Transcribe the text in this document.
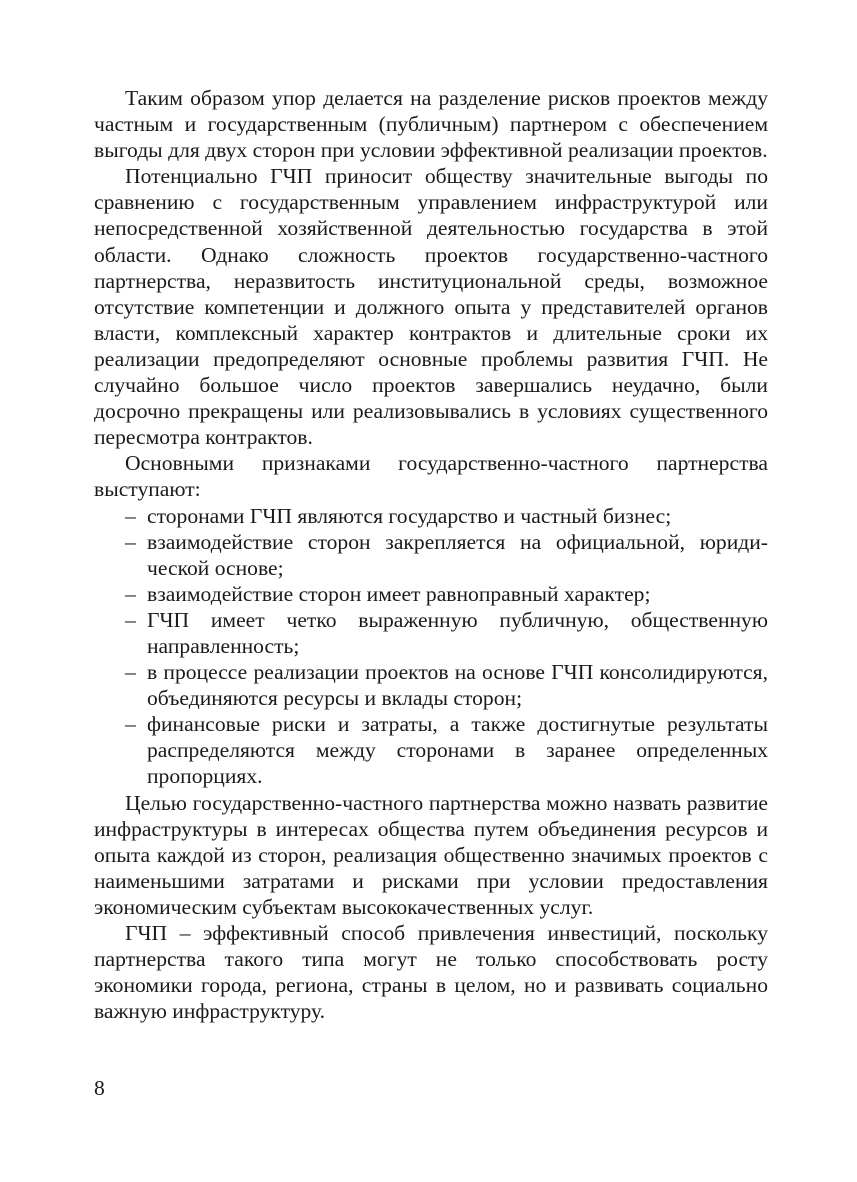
Таким образом упор делается на разделение рисков проектов между частным и государственным (публичным) партнером с обеспечением выгоды для двух сторон при условии эффективной реализации проектов.

Потенциально ГЧП приносит обществу значительные выгоды по сравнению с государственным управлением инфраструктурой или непосредственной хозяйственной деятельностью государства в этой области. Однако сложность проектов государственно-частного партнерства, неразвитость институциональной среды, возможное отсутствие компетенции и должного опыта у представителей органов власти, комплексный характер контрактов и длительные сроки их реализации предопределяют основные проблемы развития ГЧП. Не случайно большое число проектов завершались неудачно, были досрочно прекращены или реализовывались в условиях существенного пересмотра контрактов.

Основными признаками государственно-частного партнерства выступают:

– сторонами ГЧП являются государство и частный бизнес;
– взаимодействие сторон закрепляется на официальной, юридической основе;
– взаимодействие сторон имеет равноправный характер;
– ГЧП имеет четко выраженную публичную, общественную направленность;
– в процессе реализации проектов на основе ГЧП консолидируются, объединяются ресурсы и вклады сторон;
– финансовые риски и затраты, а также достигнутые результаты распределяются между сторонами в заранее определенных пропорциях.

Целью государственно-частного партнерства можно назвать развитие инфраструктуры в интересах общества путем объединения ресурсов и опыта каждой из сторон, реализация общественно значимых проектов с наименьшими затратами и рисками при условии предоставления экономическим субъектам высококачественных услуг.

ГЧП – эффективный способ привлечения инвестиций, поскольку партнерства такого типа могут не только способствовать росту экономики города, региона, страны в целом, но и развивать социально важную инфраструктуру.

8
